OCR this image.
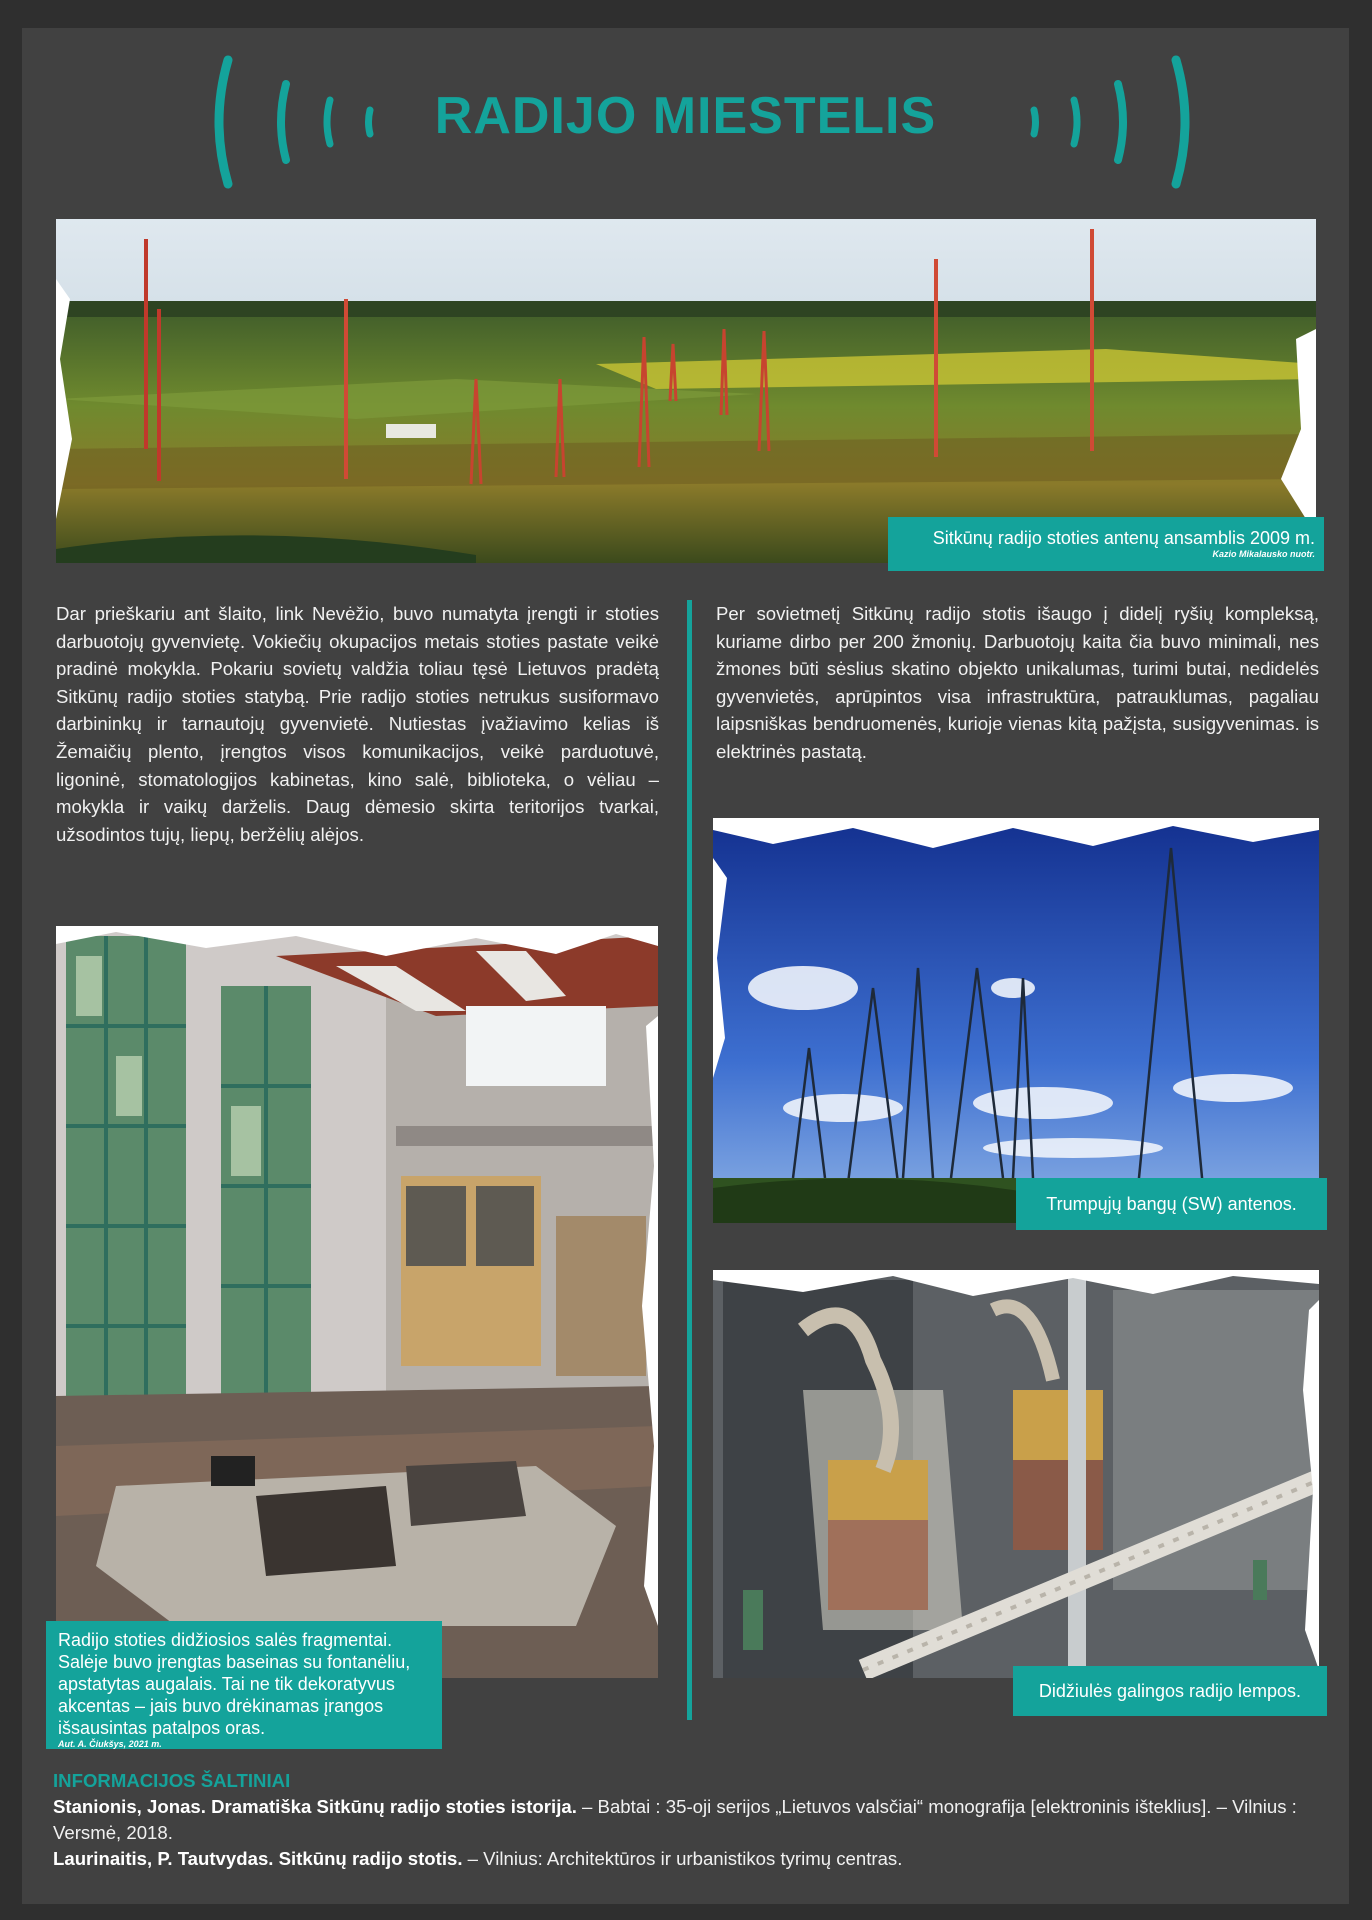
RADIJO MIESTELIS
Sitkūnų radijo stoties antenų ansamblis 2009 m.
Kazio Mikalausko nuotr.
Dar prieškariu ant šlaito, link Nevėžio, buvo numatyta įrengti ir stoties darbuotojų gyvenvietę. Vokiečių okupacijos metais stoties pastate veikė pradinė mokykla. Pokariu sovietų valdžia toliau tęsė Lietuvos pradėtą Sitkūnų radijo stoties statybą. Prie radijo stoties netrukus susiformavo darbininkų ir tarnautojų gyvenvietė. Nutiestas įvažiavimo kelias iš Žemaičių plento, įrengtos visos komunikacijos, veikė parduotuvė, ligoninė, stomatologijos kabinetas, kino salė, biblioteka, o vėliau – mokykla ir vaikų darželis. Daug dėmesio skirta teritorijos tvarkai, užsodintos tujų, liepų, beržėlių alėjos.
Per sovietmetį Sitkūnų radijo stotis išaugo į didelį ryšių kompleksą, kuriame dirbo per 200 žmonių. Darbuotojų kaita čia buvo minimali, nes žmones būti sėslius skatino objekto unikalumas, turimi butai, nedidelės gyvenvietės, aprūpintos visa infrastruktūra, patrauklumas, pagaliau laipsniškas bendruomenės, kurioje vienas kitą pažįsta, susigyvenimas. is elektrinės pastatą.
Radijo stoties didžiosios salės fragmentai. Salėje buvo įrengtas baseinas su fontanėliu, apstatytas augalais. Tai ne tik dekoratyvus akcentas – jais buvo drėkinamas įrangos išsausintas patalpos oras.
Aut. A. Čiukšys, 2021 m.
Trumpųjų bangų (SW) antenos.
Didžiulės galingos radijo lempos.
INFORMACIJOS ŠALTINIAI
Stanionis, Jonas. Dramatiška Sitkūnų radijo stoties istorija. – Babtai : 35-oji serijos „Lietuvos valsčiai“ monografija [elektroninis išteklius]. – Vilnius : Versmė, 2018.
Laurinaitis, P. Tautvydas. Sitkūnų radijo stotis. – Vilnius: Architektūros ir urbanistikos tyrimų centras.
